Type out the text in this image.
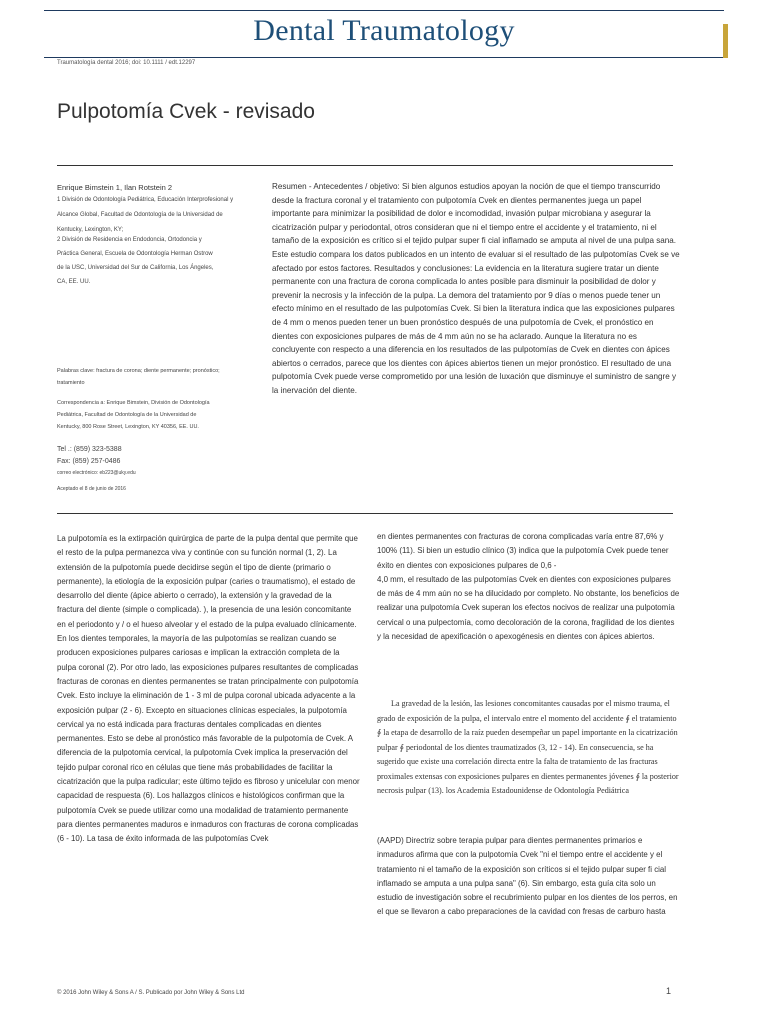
Dental Traumatology
Traumatología dental 2016; doi: 10.1111 / edt.12297
Pulpotomía Cvek - revisado
Enrique Bimstein 1, Ilan Rotstein 2
1 División de Odontología Pediátrica, Educación Interprofesional y
Alcance Global, Facultad de Odontología de la Universidad de
Kentucky, Lexington, KY;
2 División de Residencia en Endodoncia, Ortodoncia y
Práctica General, Escuela de Odontología Herman Ostrow
de la USC, Universidad del Sur de California, Los Ángeles,
CA, EE. UU.
Palabras clave: fractura de corona; diente permanente; pronóstico;
tratamiento
Correspondencia a: Enrique Bimstein, División de Odontología
Pediátrica, Facultad de Odontología de la Universidad de
Kentucky, 800 Rose Street, Lexington, KY 40356, EE. UU.
Tel .: (859) 323-5388
Fax: (859) 257-0486
correo electrónico: eb223@uky.edu
Aceptado el 8 de junio de 2016

Resumen - Antecedentes / objetivo: Si bien algunos estudios apoyan la noción de que el tiempo transcurrido desde la fractura coronal y el tratamiento con pulpotomía Cvek en dientes permanentes juega un papel importante para minimizar la posibilidad de dolor e incomodidad, invasión pulpar microbiana y asegurar la cicatrización pulpar y periodontal, otros consideran que ni el tiempo entre el accidente y el tratamiento, ni el tamaño de la exposición es crítico si el tejido pulpar super fi cial inflamado se amputa al nivel de una pulpa sana. Este estudio compara los datos publicados en un intento de evaluar si el resultado de las pulpotomías Cvek se ve afectado por estos factores. Resultados y conclusiones: La evidencia en la literatura sugiere tratar un diente permanente con una fractura de corona complicada lo antes posible para disminuir la posibilidad de dolor y prevenir la necrosis y la infección de la pulpa. La demora del tratamiento por 9 días o menos puede tener un efecto mínimo en el resultado de las pulpotomías Cvek. Si bien la literatura indica que las exposiciones pulpares de 4 mm o menos pueden tener un buen pronóstico después de una pulpotomía de Cvek, el pronóstico en dientes con exposiciones pulpares de más de 4 mm aún no se ha aclarado. Aunque la literatura no es concluyente con respecto a una diferencia en los resultados de las pulpotomías de Cvek en dientes con ápices abiertos o cerrados, parece que los dientes con ápices abiertos tienen un mejor pronóstico. El resultado de una pulpotomía Cvek puede verse comprometido por una lesión de luxación que disminuye el suministro de sangre y la inervación del diente.

La pulpotomía es la extirpación quirúrgica de parte de la pulpa dental que permite que el resto de la pulpa permanezca viva y continúe con su función normal (1, 2). La extensión de la pulpotomía puede decidirse según el tipo de diente (primario o permanente), la etiología de la exposición pulpar (caries o traumatismo), el estado de desarrollo del diente (ápice abierto o cerrado), la extensión y la gravedad de la fractura del diente (simple o complicada). ), la presencia de una lesión concomitante en el periodonto y / o el hueso alveolar y el estado de la pulpa evaluado clínicamente. En los dientes temporales, la mayoría de las pulpotomías se realizan cuando se producen exposiciones pulpares cariosas e implican la extracción completa de la pulpa coronal (2). Por otro lado, las exposiciones pulpares resultantes de complicadas fracturas de coronas en dientes permanentes se tratan principalmente con pulpotomía Cvek. Esto incluye la eliminación de 1 - 3 ml de pulpa coronal ubicada adyacente a la exposición pulpar (2 - 6). Excepto en situaciones clínicas especiales, la pulpotomía cervical ya no está indicada para fracturas dentales complicadas en dientes permanentes. Esto se debe al pronóstico más favorable de la pulpotomía de Cvek. A diferencia de la pulpotomía cervical, la pulpotomía Cvek implica la preservación del tejido pulpar coronal rico en células que tiene más probabilidades de facilitar la cicatrización que la pulpa radicular; este último tejido es fibroso y unicelular con menor capacidad de respuesta (6). Los hallazgos clínicos e histológicos confirman que la pulpotomía Cvek se puede utilizar como una modalidad de tratamiento permanente para dientes permanentes maduros e inmaduros con fracturas de corona complicadas (6 - 10). La tasa de éxito informada de las pulpotomías Cvek

en dientes permanentes con fracturas de corona complicadas varía entre 87,6% y 100% (11). Si bien un estudio clínico (3) indica que la pulpotomía Cvek puede tener éxito en dientes con exposiciones pulpares de 0,6 -

4,0 mm, el resultado de las pulpotomías Cvek en dientes con exposiciones pulpares de más de 4 mm aún no se ha dilucidado por completo. No obstante, los beneficios de realizar una pulpotomía Cvek superan los efectos nocivos de realizar una pulpotomía cervical o una pulpectomía, como decoloración de la corona, fragilidad de los dientes y la necesidad de apexificación o apexogénesis en dientes con ápices abiertos.

La gravedad de la lesión, las lesiones concomitantes causadas por el mismo trauma, el grado de exposición de la pulpa, el intervalo entre el momento del accidente ∮ el tratamiento ∮ la etapa de desarrollo de la raíz pueden desempeñar un papel importante en la cicatrización pulpar ∮ periodontal de los dientes traumatizados (3, 12 - 14). En consecuencia, se ha sugerido que existe una correlación directa entre la falta de tratamiento de las fracturas proximales extensas con exposiciones pulpares en dientes permanentes jóvenes ∮ la posterior necrosis pulpar (13). los Academia Estadounidense de Odontología Pediátrica

(AAPD) Directriz sobre terapia pulpar para dientes permanentes primarios e inmaduros afirma que con la pulpotomía Cvek "ni el tiempo entre el accidente y el tratamiento ni el tamaño de la exposición son críticos si el tejido pulpar super fi cial inflamado se amputa a una pulpa sana" (6). Sin embargo, esta guía cita solo un estudio de investigación sobre el recubrimiento pulpar en los dientes de los perros, en el que se llevaron a cabo preparaciones de la cavidad con fresas de carburo hasta

© 2016 John Wiley & Sons A / S. Publicado por John Wiley & Sons Ltd	1
